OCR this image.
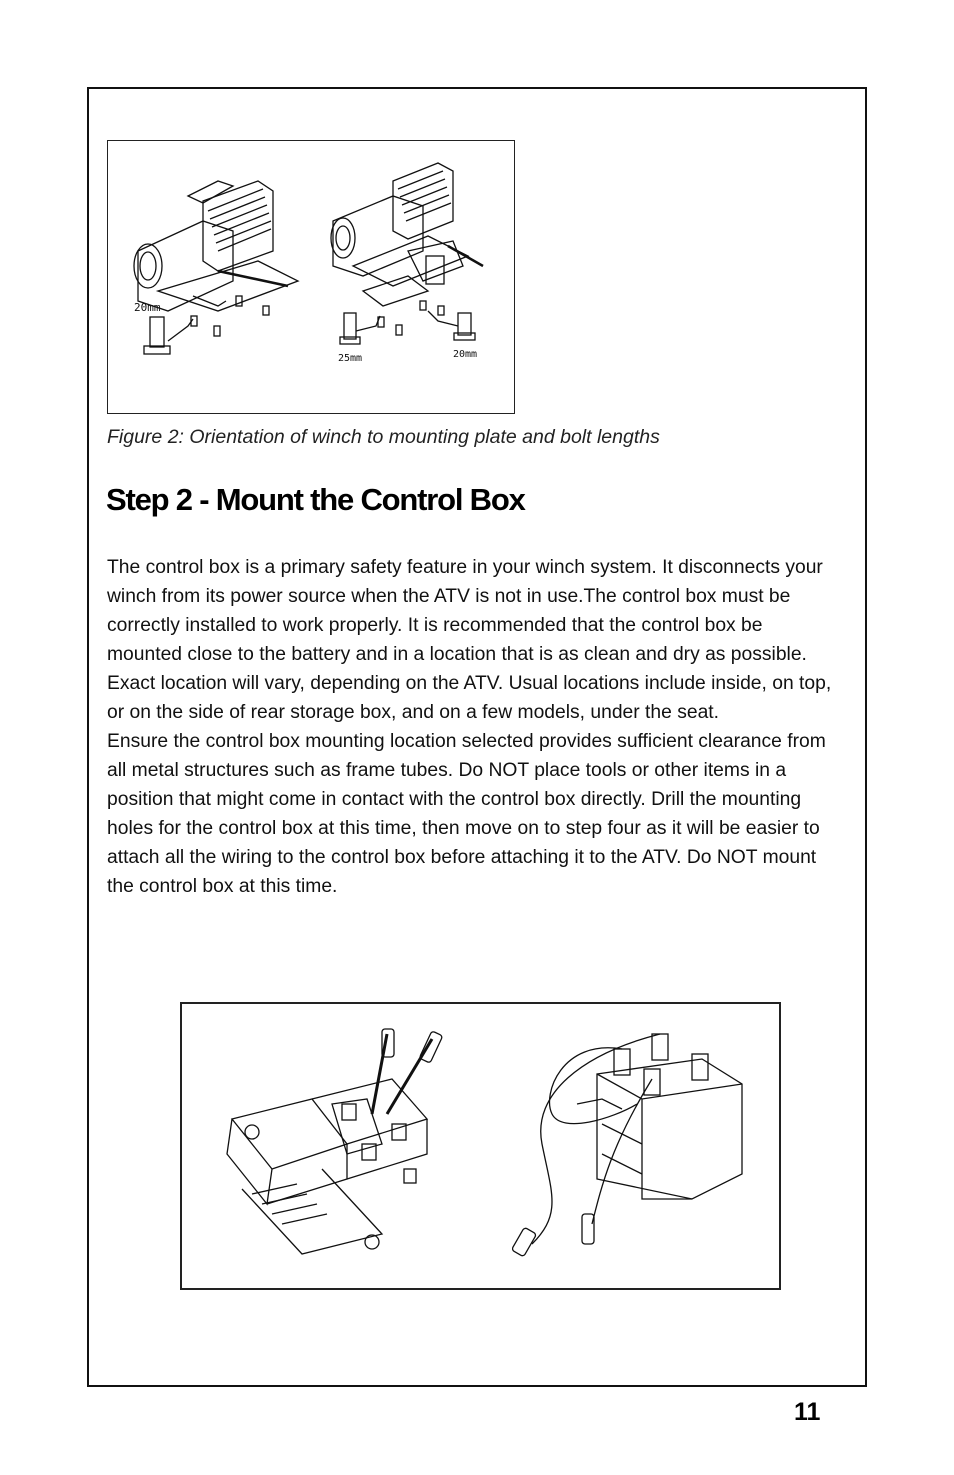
20mm
25mm	20mm
Figure 2: Orientation of winch to mounting plate and bolt lengths
Step 2 - Mount the Control Box

The control box is a primary safety feature in your winch system. It disconnects your winch from its power source when the ATV is not in use.The control box must be correctly installed to work properly. It is recommended that the control box be mounted close to the battery and in a location that is as clean and dry as possible. Exact location will vary, depending on the ATV. Usual locations include inside, on top, or on the side of rear storage box, and on a few models, under the seat.

Ensure the control box mounting location selected provides sufficient clearance from all metal structures such as frame tubes. Do NOT place tools or other items in a position that might come in contact with the control box directly. Drill the mounting holes for the control box at this time, then move on to step four as it will be easier to attach all the wiring to the control box before attaching it to the ATV. Do NOT mount the control box at this time.

11
